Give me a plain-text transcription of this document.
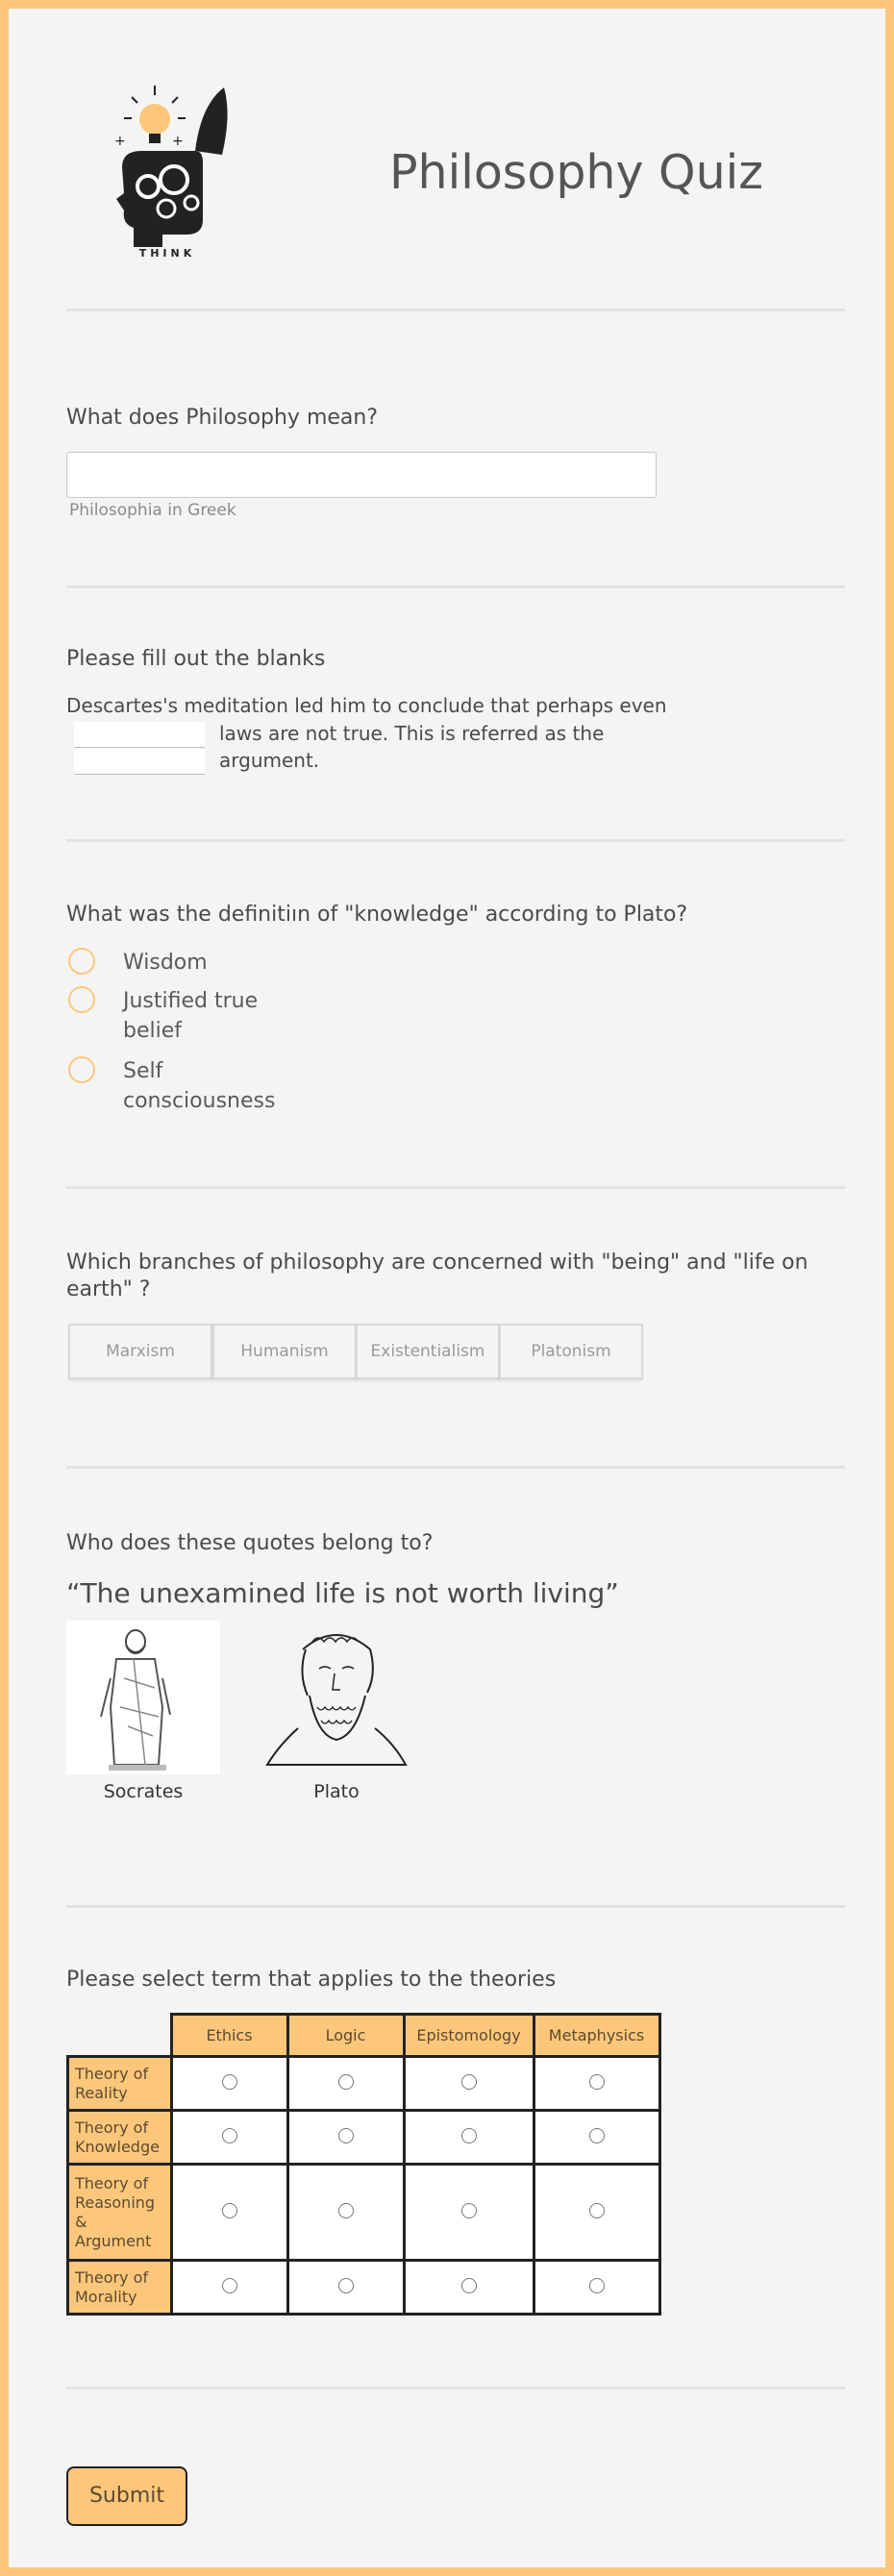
+	+
THINK
Philosophy Quiz
What does Philosophy mean?
Philosophia in Greek
Please fill out the blanks
Descartes's meditation led him to conclude that perhaps even
laws are not true. This is referred as the
argument.
What was the definitiın of "knowledge" according to Plato?
Wisdom
Justified true belief
Self consciousness
Which branches of philosophy are concerned with "being" and "life on earth" ?
Marxism	Humanism	Existentialism	Platonism
Who does these quotes belong to?
“The unexamined life is not worth living”
Socrates	Plato
Please select term that applies to the theories
	Ethics	Logic	Epistomology	Metaphysics
Theory of Reality				
Theory of Knowledge				
Theory of Reasoning & Argument				
Theory of Morality				
Submit
